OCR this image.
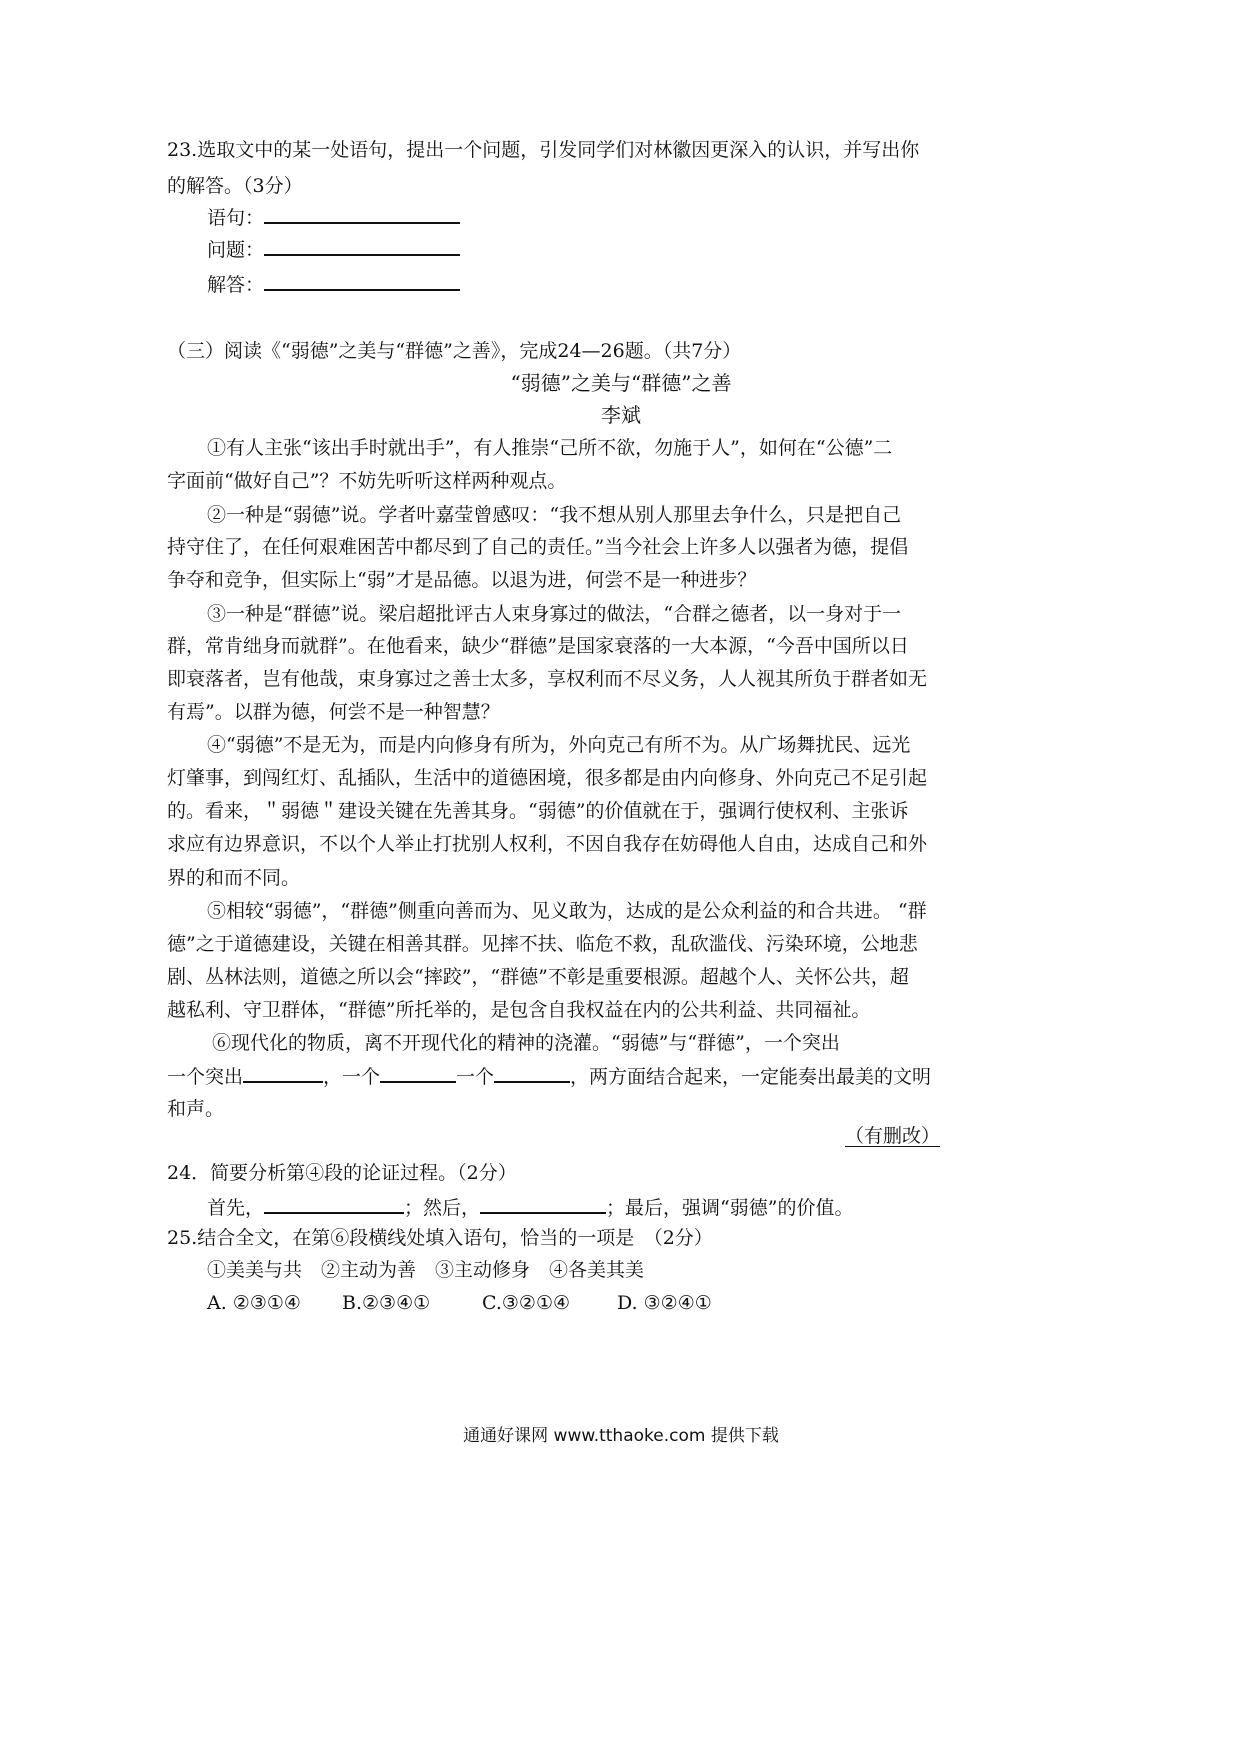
23.选取文中的某一处语句，提出一个问题，引发同学们对林徽因更深入的认识，并写出你
的解答。（3分）
语句：
问题：
解答：
（三）阅读《“弱德”之美与“群德”之善》，完成24—26题。（共7分）
“弱德”之美与“群德”之善
李斌
①有人主张“该出手时就出手”，有人推崇“己所不欲，勿施于人”，如何在“公德”二
字面前“做好自己”？不妨先听听这样两种观点。
②一种是“弱德”说。学者叶嘉莹曾感叹：“我不想从别人那里去争什么，只是把自己
持守住了，在任何艰难困苦中都尽到了自己的责任。”当今社会上许多人以强者为德，提倡
争夺和竞争，但实际上“弱”才是品德。以退为进，何尝不是一种进步？
③一种是“群德”说。梁启超批评古人束身寡过的做法，“合群之德者，以一身对于一
群，常肯绌身而就群”。在他看来，缺少“群德”是国家衰落的一大本源，“今吾中国所以日
即衰落者，岂有他哉，束身寡过之善士太多，享权利而不尽义务，人人视其所负于群者如无
有焉”。以群为德，何尝不是一种智慧？
④“弱德”不是无为，而是内向修身有所为，外向克己有所不为。从广场舞扰民、远光
灯肇事，到闯红灯、乱插队，生活中的道德困境，很多都是由内向修身、外向克己不足引起
的。看来，＂弱德＂建设关键在先善其身。“弱德”的价值就在于，强调行使权利、主张诉
求应有边界意识，不以个人举止打扰别人权利，不因自我存在妨碍他人自由，达成自己和外
界的和而不同。
⑤相较“弱德”，“群德”侧重向善而为、见义敢为，达成的是公众利益的和合共进。 “群
德”之于道德建设，关键在相善其群。见摔不扶、临危不救，乱砍滥伐、污染环境，公地悲
剧、丛林法则，道德之所以会“摔跤”，“群德”不彰是重要根源。超越个人、关怀公共，超
越私利、守卫群体，“群德”所托举的，是包含自我权益在内的公共利益、共同福祉。
⑥现代化的物质，离不开现代化的精神的浇灌。“弱德”与“群德”，一个突出
一个突出	，一个	一个	，两方面结合起来，一定能奏出最美的文明
和声。
（有删改）
24．简要分析第④段的论证过程。（2分）
首先，	；然后，	；最后，强调“弱德”的价值。
25.结合全文，在第⑥段横线处填入语句，恰当的一项是　（2分）
①美美与共　②主动为善　③主动修身　④各美其美
A. ②③①④ B.②③④①	C.③②①④ D. ③②④①
通通好课网 www.tthaoke.com 提供下载
